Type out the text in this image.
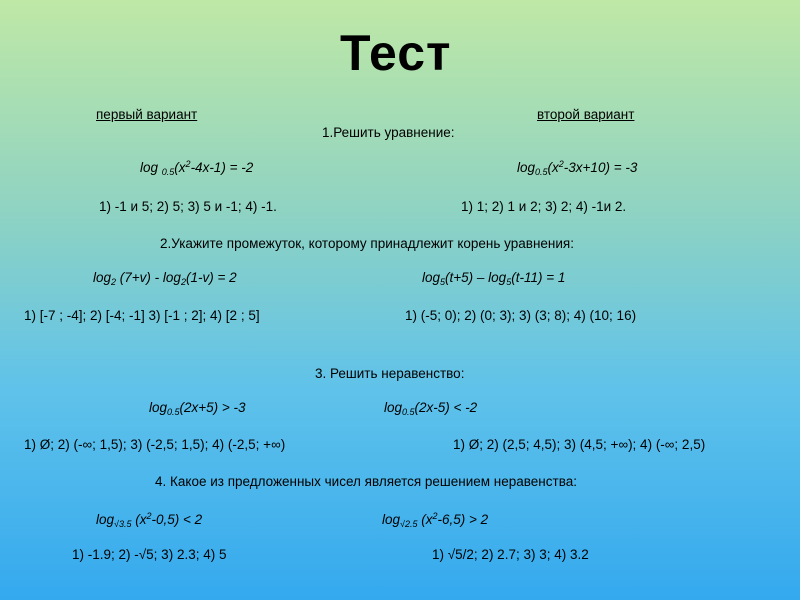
Тест
первый вариант	второй вариант
1.Решить уравнение:
$\log _{0.5}(x^2-4x-1) = -2$	$\log_{0.5}(x^2-3x+10) = -3$
1) -1 и 5; 2) 5; 3) 5 и -1; 4) -1.	1) 1; 2) 1 и 2; 3) 2; 4) -1и 2.
2.Укажите промежуток, которому принадлежит корень уравнения:
$\log_2 (7+v) - \log_2(1-v) = 2$	$\log_5(t+5) - \log_5(t-11) = 1$
1) [-7 ; -4]; 2) [-4; -1] 3) [-1 ; 2]; 4) [2 ; 5]	1) (-5; 0); 2) (0; 3); 3) (3; 8); 4) (10; 16)
3. Решить неравенство:
$\log_{0.5}(2x+5) > -3$	$\log_{0.5}(2x-5) < -2$
1) Ø; 2) (-∞; 1,5); 3) (-2,5; 1,5); 4) (-2,5; +∞)	1) Ø; 2) (2,5; 4,5); 3) (4,5; +∞); 4) (-∞; 2,5)
4. Какое из предложенных чисел является решением неравенства:
$\log_{√3.5} (x^2-0,5) < 2$	$\log_{√2.5} (x^2-6,5) > 2$
1) -1.9; 2) -√5; 3) 2.3; 4) 5	1) √5/2; 2) 2.7; 3) 3; 4) 3.2
